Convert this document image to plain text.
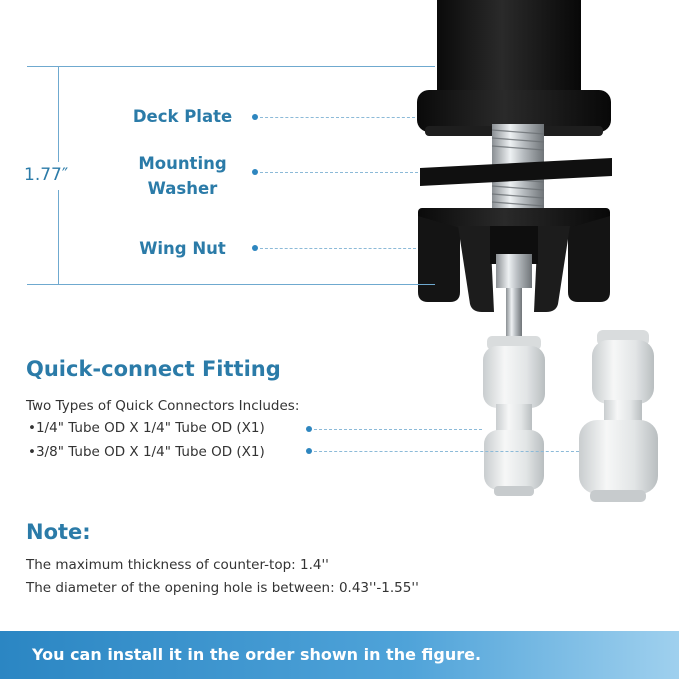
1.77″
Deck Plate
Mounting
Washer
Wing Nut
Quick-connect Fitting
Two Types of Quick Connectors Includes:
•1/4" Tube OD X 1/4" Tube OD (X1)
•3/8" Tube OD X 1/4" Tube OD (X1)
Note:
The maximum thickness of counter-top: 1.4''
The diameter of the opening hole is between: 0.43''-1.55''
You can install it in the order shown in the figure.
